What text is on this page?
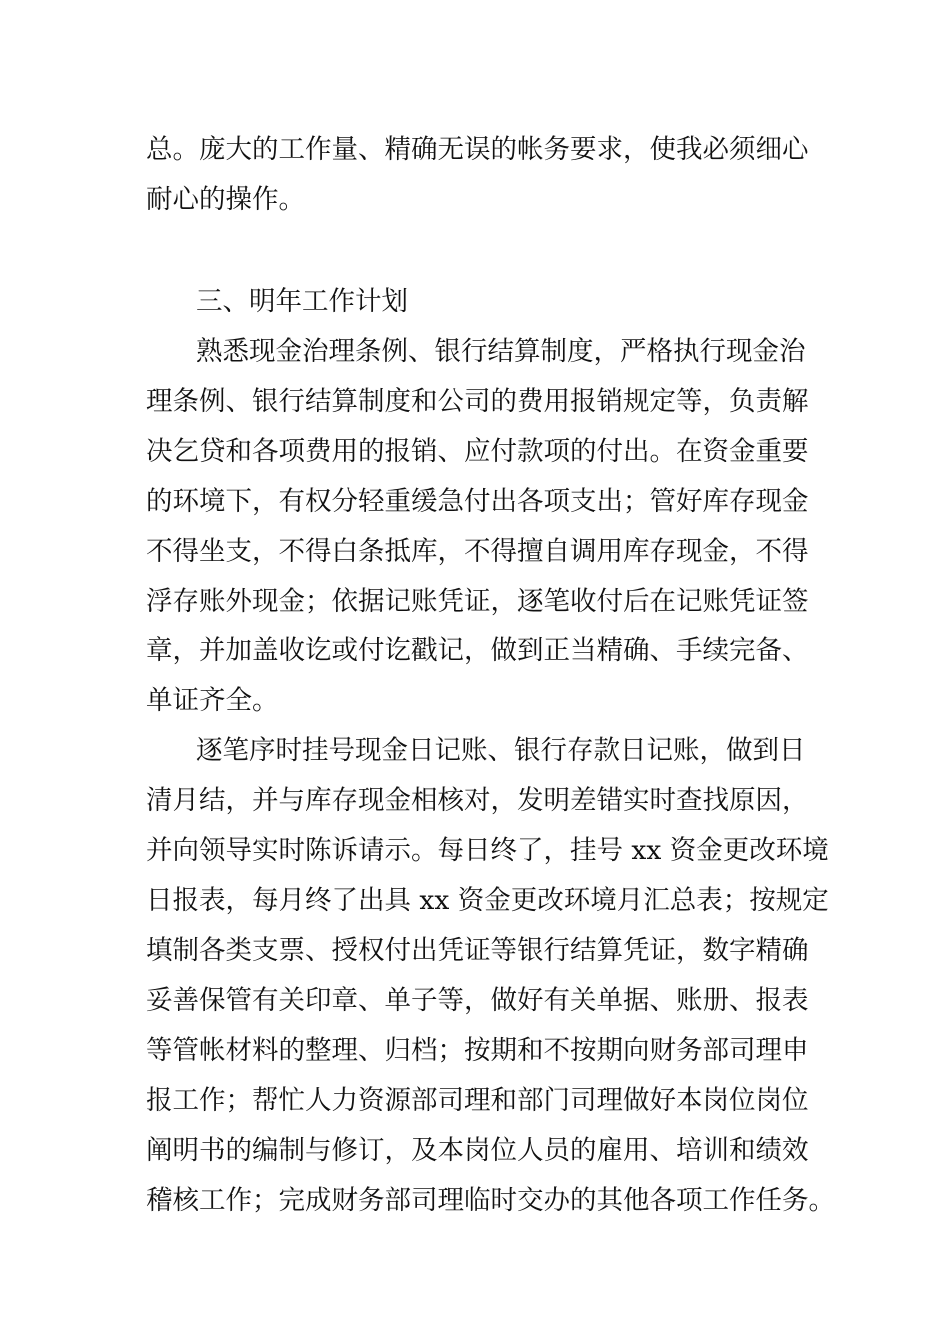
总。庞大的工作量、精确无误的帐务要求，使我必须细心
耐心的操作。
三、明年工作计划
熟悉现金治理条例、银行结算制度，严格执行现金治
理条例、银行结算制度和公司的费用报销规定等，负责解
决乞贷和各项费用的报销、应付款项的付出。在资金重要
的环境下，有权分轻重缓急付出各项支出；管好库存现金
不得坐支，不得白条抵库，不得擅自调用库存现金，不得
浮存账外现金；依据记账凭证，逐笔收付后在记账凭证签
章，并加盖收讫或付讫戳记，做到正当精确、手续完备、
单证齐全。
逐笔序时挂号现金日记账、银行存款日记账，做到日
清月结，并与库存现金相核对，发明差错实时查找原因，
并向领导实时陈诉请示。每日终了，挂号 xx 资金更改环境
日报表，每月终了出具 xx 资金更改环境月汇总表；按规定
填制各类支票、授权付出凭证等银行结算凭证，数字精确
妥善保管有关印章、单子等，做好有关单据、账册、报表
等管帐材料的整理、归档；按期和不按期向财务部司理申
报工作；帮忙人力资源部司理和部门司理做好本岗位岗位
阐明书的编制与修订，及本岗位人员的雇用、培训和绩效
稽核工作；完成财务部司理临时交办的其他各项工作任务。
